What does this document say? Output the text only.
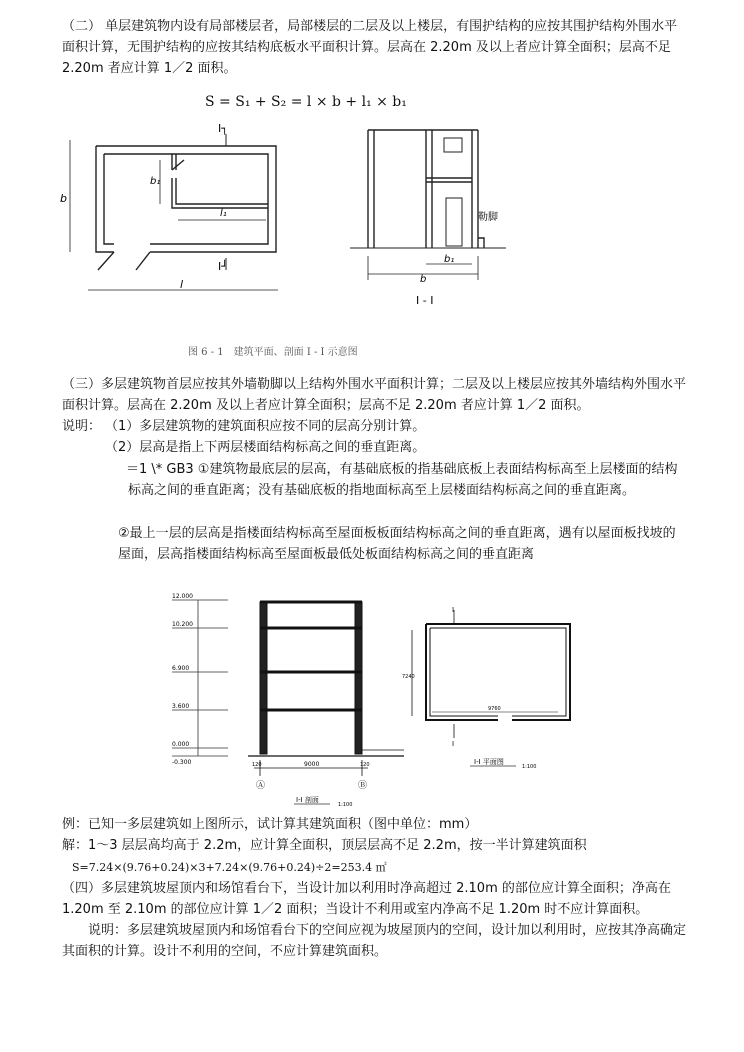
（二） 单层建筑物内设有局部楼层者，局部楼层的二层及以上楼层，有围护结构的应按其围护结构外围水平面积计算，无围护结构的应按其结构底板水平面积计算。层高在 2.20m 及以上者应计算全面积；层高不足 2.20m 者应计算 1／2 面积。

S = S₁ + S₂ = l × b + l₁ × b₁

b
b₁
l
l₁
I┐
I┘
勒脚
b₁
b
I - I

图 6 - 1　建筑平面、剖面 I - I 示意图

（三）多层建筑物首层应按其外墙勒脚以上结构外围水平面积计算；二层及以上楼层应按其外墙结构外围水平面积计算。层高在 2.20m 及以上者应计算全面积；层高不足 2.20m 者应计算 1／2 面积。

说明： （1）多层建筑物的建筑面积应按不同的层高分别计算。

（2）层高是指上下两层楼面结构标高之间的垂直距离。

＝1 \* GB3 ①建筑物最底层的层高，有基础底板的指基础底板上表面结构标高至上层楼面的结构标高之间的垂直距离；没有基础底板的指地面标高至上层楼面结构标高之间的垂直距离。

②最上一层的层高是指楼面结构标高至屋面板板面结构标高之间的垂直距离，遇有以屋面板找坡的屋面，层高指楼面结构标高至屋面板最低处板面结构标高之间的垂直距离

12.000
10.200
6.900
3.600
0.000
-0.300	120	9000	120
Ⓐ	Ⓑ
I-I 剖面
1:100
I
I
7240
9760
I-I 平面图
1:100

例：已知一多层建筑如上图所示，试计算其建筑面积（图中单位：mm）

解：1～3 层层高均高于 2.2m，应计算全面积，顶层层高不足 2.2m，按一半计算建筑面积

S=7.24×(9.76+0.24)×3+7.24×(9.76+0.24)÷2=253.4 ㎡

（四）多层建筑坡屋顶内和场馆看台下，当设计加以利用时净高超过 2.10m 的部位应计算全面积；净高在 1.20m 至 2.10m 的部位应计算 1／2 面积；当设计不利用或室内净高不足 1.20m 时不应计算面积。

说明：多层建筑坡屋顶内和场馆看台下的空间应视为坡屋顶内的空间，设计加以利用时，应按其净高确定其面积的计算。设计不利用的空间，不应计算建筑面积。
